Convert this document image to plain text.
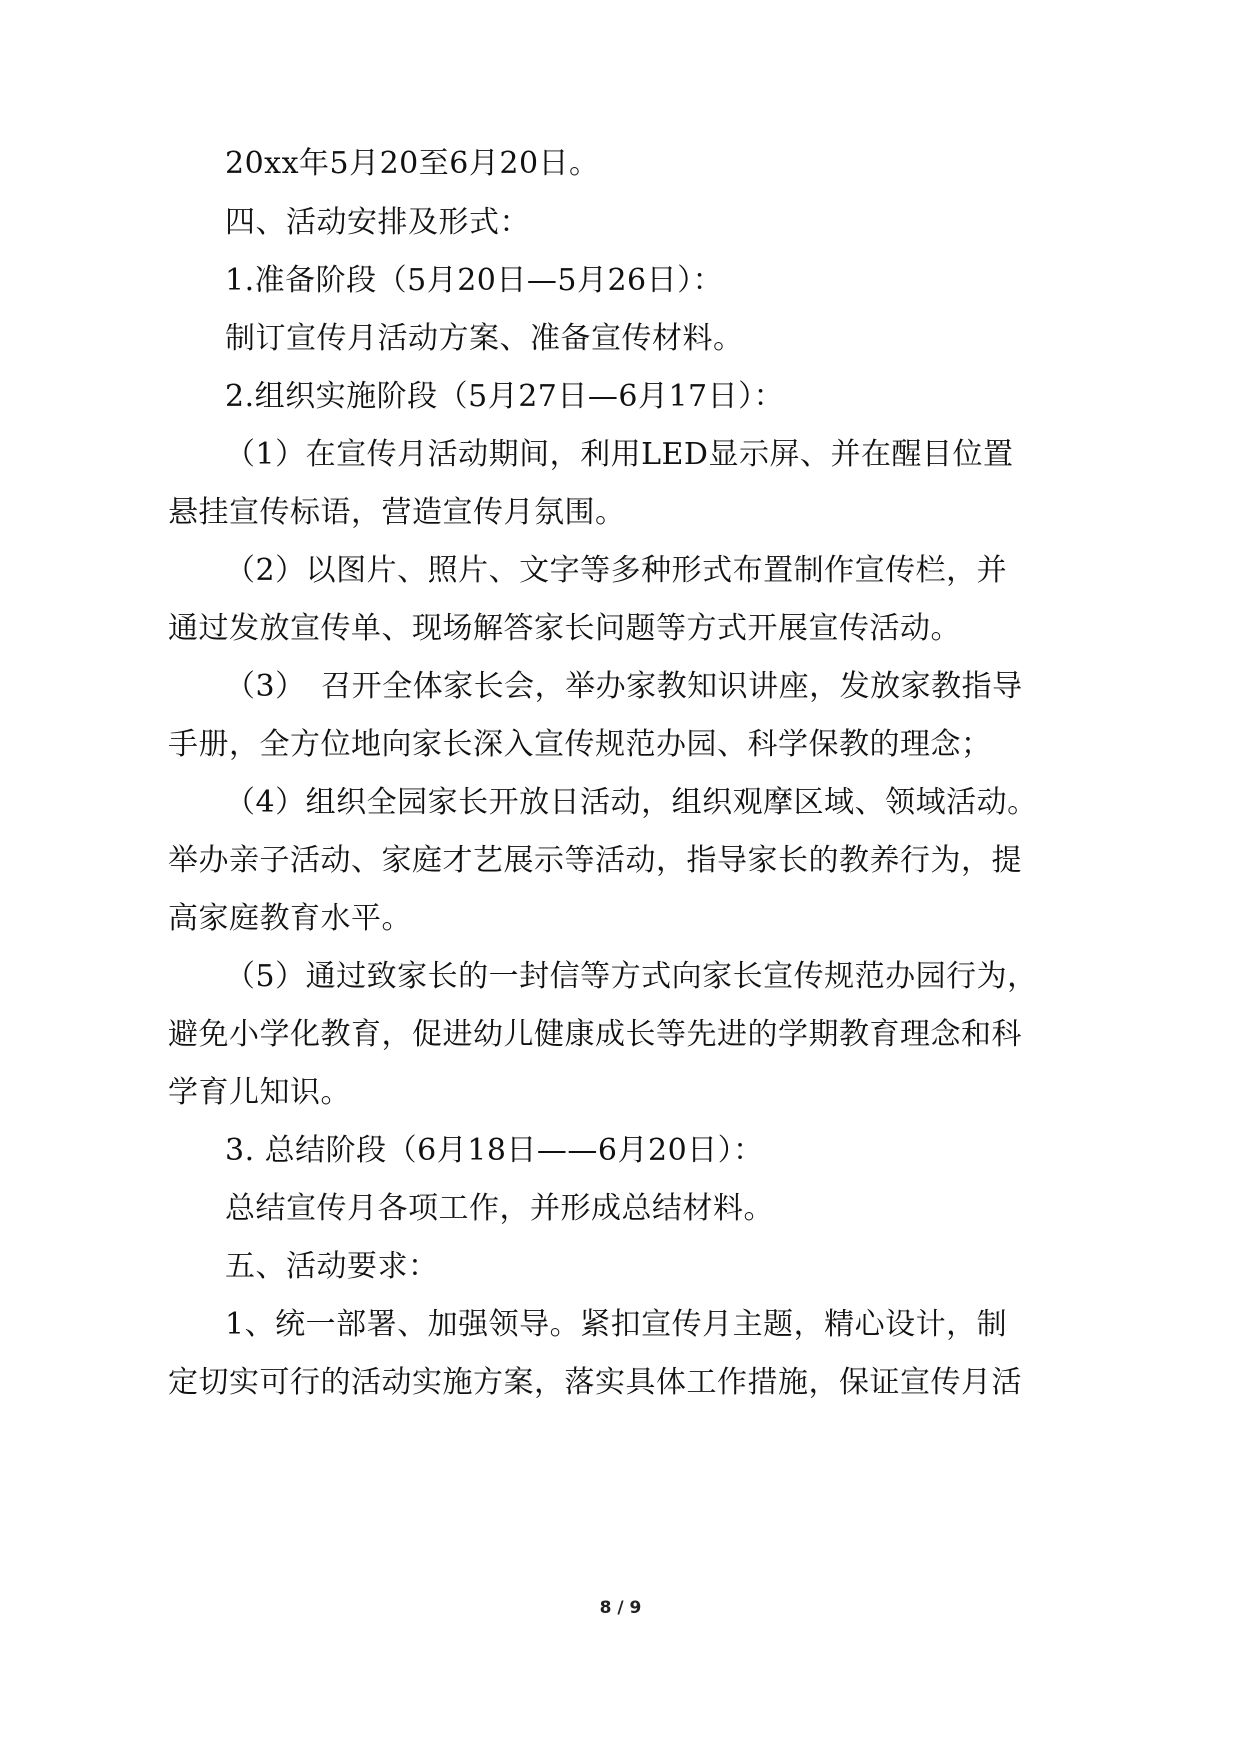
20xx年5月20至6月20日。
四、活动安排及形式：
1.准备阶段（5月20日—5月26日）：
制订宣传月活动方案、准备宣传材料。
2.组织实施阶段（5月27日—6月17日）：
（1）在宣传月活动期间，利用LED显示屏、并在醒目位置
悬挂宣传标语，营造宣传月氛围。
（2）以图片、照片、文字等多种形式布置制作宣传栏，并
通过发放宣传单、现场解答家长问题等方式开展宣传活动。
（3）　召开全体家长会，举办家教知识讲座，发放家教指导
手册，全方位地向家长深入宣传规范办园、科学保教的理念；
（4）组织全园家长开放日活动，组织观摩区域、领域活动。
举办亲子活动、家庭才艺展示等活动，指导家长的教养行为，提
高家庭教育水平。
（5）通过致家长的一封信等方式向家长宣传规范办园行为，
避免小学化教育，促进幼儿健康成长等先进的学期教育理念和科
学育儿知识。
3. 总结阶段（6月18日——6月20日）：
总结宣传月各项工作，并形成总结材料。
五、活动要求：
1、统一部署、加强领导。紧扣宣传月主题，精心设计，制
定切实可行的活动实施方案，落实具体工作措施，保证宣传月活
8 / 9
